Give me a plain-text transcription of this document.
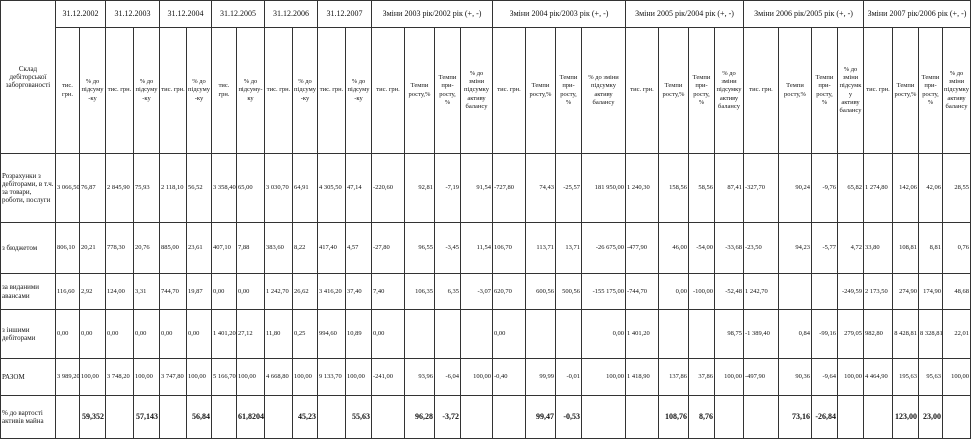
Склад дебіторської заборгованості	31.12.2002		31.12.2003		31.12.2004		31.12.2005		31.12.2006		31.12.2007		Зміни 2003 рік/2002 рік (+, -)				Зміни 2004 рік/2003 рік (+, -)				Зміни 2005 рік/2004 рік (+, -)				Зміни 2006 рік/2005 рік (+, -)				Зміни 2007 рік/2006 рік (+, -)			
	тис. грн.	% до підсуму-ку	тис. грн.	% до підсуму-ку	тис. грн.	% до підсуму-ку	тис. грн.	% до підсуму-ку	тис. грн.	% до підсуму-ку	тис. грн.	% до підсуму-ку	тис. грн.	Темпи росту,%	Темпи при-росту, %	% до зміни підсумку активу балансу	тис. грн.	Темпи росту,%	Темпи при-росту, %	% до зміни підсумку активу балансу	тис. грн.	Темпи росту,%	Темпи при-росту, %	% до зміни підсумку активу балансу	тис. грн.	Темпи росту,%	Темпи при-росту, %	% до зміни підсумку активу балансу	тис. грн.	Темпи росту,%	Темпи при-росту, %	% до зміни підсумку активу балансу
Розрахунки з дебіторами, в т.ч. за товари, роботи, послуги	3 066,50	76,87	2 845,90	75,93	2 118,10	56,52	3 358,40	65,00	3 030,70	64,91	4 305,50	47,14	-220,60	92,81	-7,19	91,54	-727,80	74,43	-25,57	181 950,00	1 240,30	158,56	58,56	87,41	-327,70	90,24	-9,76	65,82	1 274,80	142,06	42,06	28,55
з бюджетом	806,10	20,21	778,30	20,76	885,00	23,61	407,10	7,88	383,60	8,22	417,40	4,57	-27,80	96,55	-3,45	11,54	106,70	113,71	13,71	-26 675,00	-477,90	46,00	-54,00	-33,68	-23,50	94,23	-5,77	4,72	33,80	108,81	8,81	0,76
за виданими авансами	116,60	2,92	124,00	3,31	744,70	19,87	0,00	0,00	1 242,70	26,62	3 416,20	37,40	7,40	106,35	6,35	-3,07	620,70	600,56	500,56	-155 175,00	-744,70	0,00	-100,00	-52,48	1 242,70			-249,59	2 173,50	274,90	174,90	48,68
з іншими дебіторами	0,00	0,00	0,00	0,00	0,00	0,00	1 401,20	27,12	11,80	0,25	994,60	10,89	0,00				0,00			0,00	1 401,20			98,75	-1 389,40	0,84	-99,16	279,05	982,80	8 428,81	8 328,81	22,01
РАЗОМ	3 989,20	100,00	3 748,20	100,00	3 747,80	100,00	5 166,70	100,00	4 668,80	100,00	9 133,70	100,00	-241,00	93,96	-6,04	100,00	-0,40	99,99	-0,01	100,00	1 418,90	137,86	37,86	100,00	-497,90	90,36	-9,64	100,00	4 464,90	195,63	95,63	100,00
% до вартості активів майна		59,352		57,143		56,84		61,8204		45,23		55,63		96,28	-3,72			99,47	-0,53			108,76	8,76			73,16	-26,84			123,00	23,00	
